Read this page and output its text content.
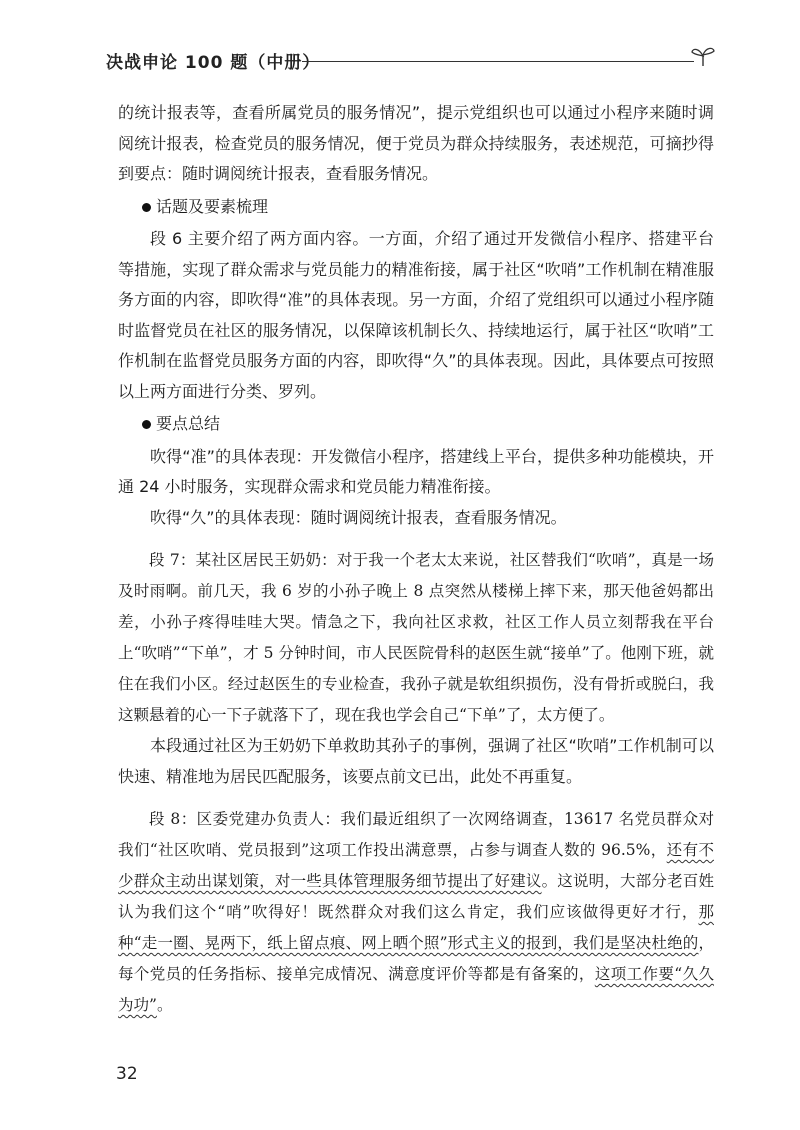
决战申论 100 题（中册）

的统计报表等，查看所属党员的服务情况”，提示党组织也可以通过小程序来随时调阅统计报表，检查党员的服务情况，便于党员为群众持续服务，表述规范，可摘抄得到要点：随时调阅统计报表，查看服务情况。

话题及要素梳理

段 6 主要介绍了两方面内容。一方面，介绍了通过开发微信小程序、搭建平台等措施，实现了群众需求与党员能力的精准衔接，属于社区“吹哨”工作机制在精准服务方面的内容，即吹得“准”的具体表现。另一方面，介绍了党组织可以通过小程序随时监督党员在社区的服务情况，以保障该机制长久、持续地运行，属于社区“吹哨”工作机制在监督党员服务方面的内容，即吹得“久”的具体表现。因此，具体要点可按照以上两方面进行分类、罗列。

要点总结

吹得“准”的具体表现：开发微信小程序，搭建线上平台，提供多种功能模块，开通 24 小时服务，实现群众需求和党员能力精准衔接。

吹得“久”的具体表现：随时调阅统计报表，查看服务情况。

段 7：某社区居民王奶奶：对于我一个老太太来说，社区替我们“吹哨”，真是一场及时雨啊。前几天，我 6 岁的小孙子晚上 8 点突然从楼梯上摔下来，那天他爸妈都出差，小孙子疼得哇哇大哭。情急之下，我向社区求救，社区工作人员立刻帮我在平台上“吹哨”“下单”，才 5 分钟时间，市人民医院骨科的赵医生就“接单”了。他刚下班，就住在我们小区。经过赵医生的专业检查，我孙子就是软组织损伤，没有骨折或脱臼，我这颗悬着的心一下子就落下了，现在我也学会自己“下单”了，太方便了。

本段通过社区为王奶奶下单救助其孙子的事例，强调了社区“吹哨”工作机制可以快速、精准地为居民匹配服务，该要点前文已出，此处不再重复。

段 8：区委党建办负责人：我们最近组织了一次网络调查，13617 名党员群众对我们“社区吹哨、党员报到”这项工作投出满意票，占参与调查人数的 96.5%，还有不少群众主动出谋划策，对一些具体管理服务细节提出了好建议。这说明，大部分老百姓认为我们这个“哨”吹得好！既然群众对我们这么肯定，我们应该做得更好才行，那种“走一圈、晃两下，纸上留点痕、网上晒个照”形式主义的报到，我们是坚决杜绝的，每个党员的任务指标、接单完成情况、满意度评价等都是有备案的，这项工作要“久久为功”。

32
